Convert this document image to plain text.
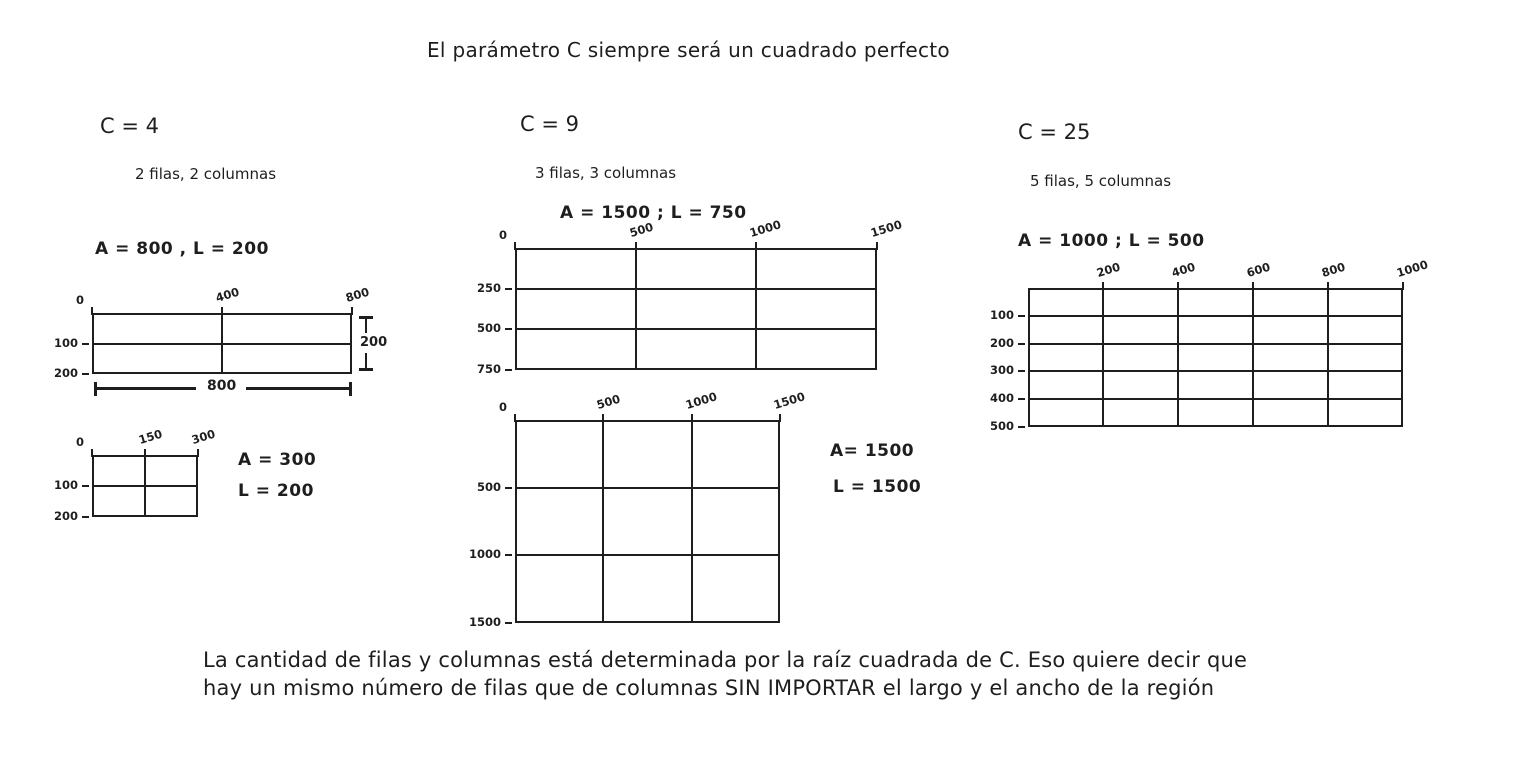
El parámetro C siempre será un cuadrado perfecto
C = 4
2 filas, 2 columnas
A = 800 , L = 200
C = 9
3 filas, 3 columnas
A = 1500 ; L = 750
C = 25
5 filas, 5 columnas
A = 1000 ; L = 500
0	400	800
100
200
200
800
0	150 300
100
200
A = 300
L = 200
0	500	1000	1500
250
500
750
0	500	1000	1500
500
1000
1500
A= 1500
L = 1500
200	400	600	800	1000
100
200
300
400
500
La cantidad de filas y columnas está determinada por la raíz cuadrada de C. Eso quiere decir que
hay un mismo número de filas que de columnas SIN IMPORTAR el largo y el ancho de la región
